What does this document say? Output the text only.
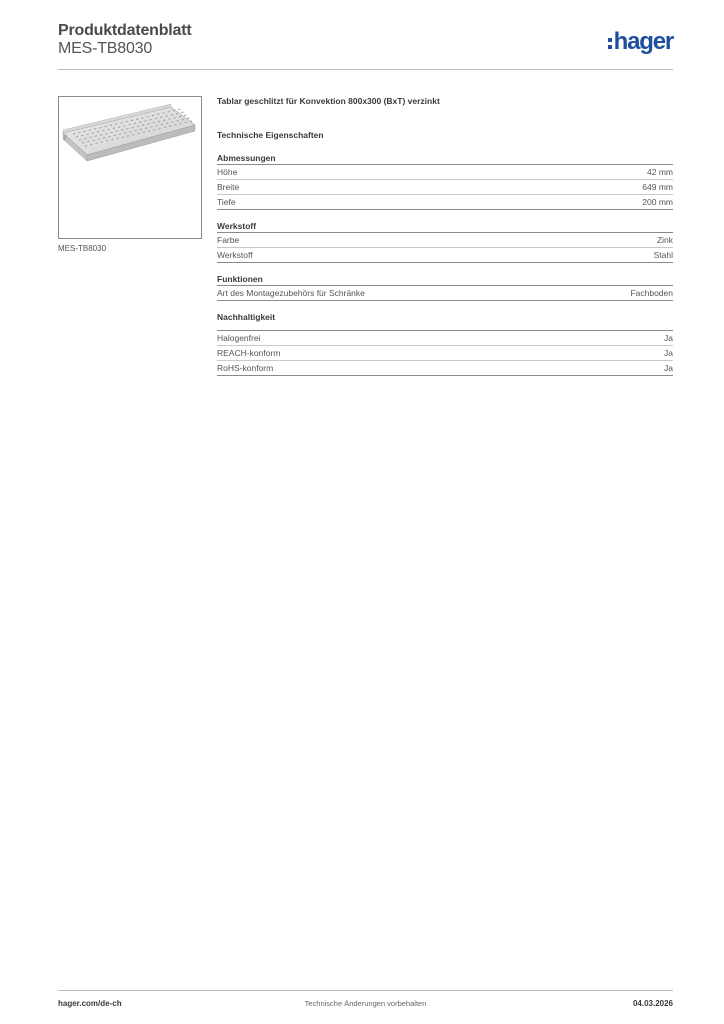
Produktdatenblatt
MES-TB8030	hager
MES-TB8030
Tablar geschlitzt für Konvektion 800x300 (BxT) verzinkt
Technische Eigenschaften
Abmessungen
Höhe	42 mm
Breite	649 mm
Tiefe	200 mm
Werkstoff
Farbe	Zink
Werkstoff	Stahl
Funktionen
Art des Montagezubehörs für Schränke	Fachboden
Nachhaltigkeit
Halogenfrei	Ja
REACH-konform	Ja
RoHS-konform	Ja
hager.com/de-ch	Technische Änderungen vorbehalten	04.03.2026
